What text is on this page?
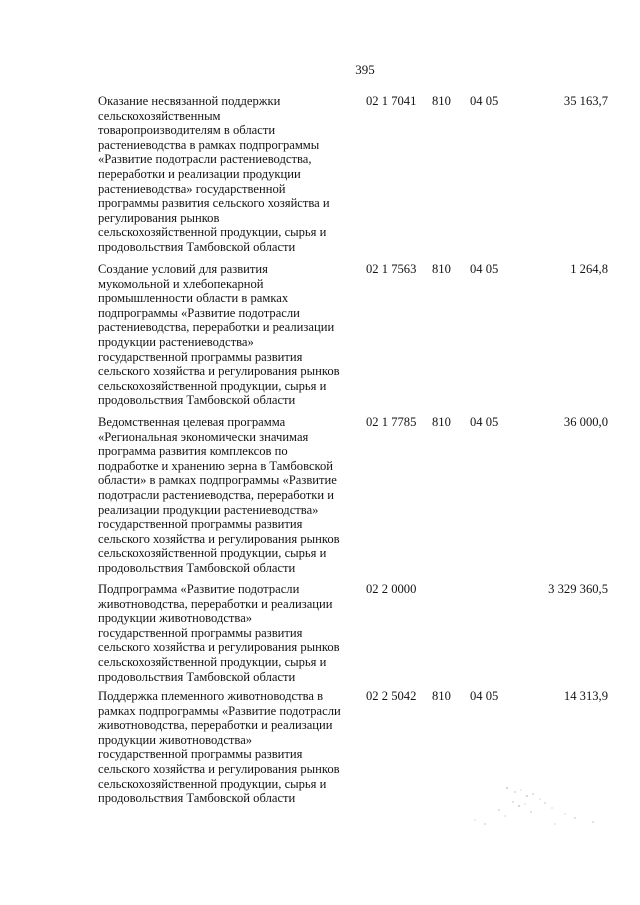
395
Оказание несвязанной поддержки
сельскохозяйственным
товаропроизводителям в области
растениеводства в рамках подпрограммы
«Развитие подотрасли растениеводства,
переработки и реализации продукции
растениеводства» государственной
программы развития сельского хозяйства и
регулирования рынков
сельскохозяйственной продукции, сырья и
продовольствия Тамбовской области
02 1 7041 810 04 05	35 163,7
Создание условий для развития
мукомольной и хлебопекарной
промышленности области в рамках
подпрограммы «Развитие подотрасли
растениеводства, переработки и реализации
продукции растениеводства»
государственной программы развития
сельского хозяйства и регулирования рынков
сельскохозяйственной продукции, сырья и
продовольствия Тамбовской области
02 1 7563 810 04 05	1 264,8
Ведомственная целевая программа
«Региональная экономически значимая
программа развития комплексов по
подработке и хранению зерна в Тамбовской
области» в рамках подпрограммы «Развитие
подотрасли растениеводства, переработки и
реализации продукции растениеводства»
государственной программы развития
сельского хозяйства и регулирования рынков
сельскохозяйственной продукции, сырья и
продовольствия Тамбовской области
02 1 7785 810 04 05	36 000,0
Подпрограмма «Развитие подотрасли
животноводства, переработки и реализации
продукции животноводства»
государственной программы развития
сельского хозяйства и регулирования рынков
сельскохозяйственной продукции, сырья и
продовольствия Тамбовской области
02 2 0000	3 329 360,5
Поддержка племенного животноводства в
рамках подпрограммы «Развитие подотрасли
животноводства, переработки и реализации
продукции животноводства»
государственной программы развития
сельского хозяйства и регулирования рынков
сельскохозяйственной продукции, сырья и
продовольствия Тамбовской области
02 2 5042 810 04 05	14 313,9
